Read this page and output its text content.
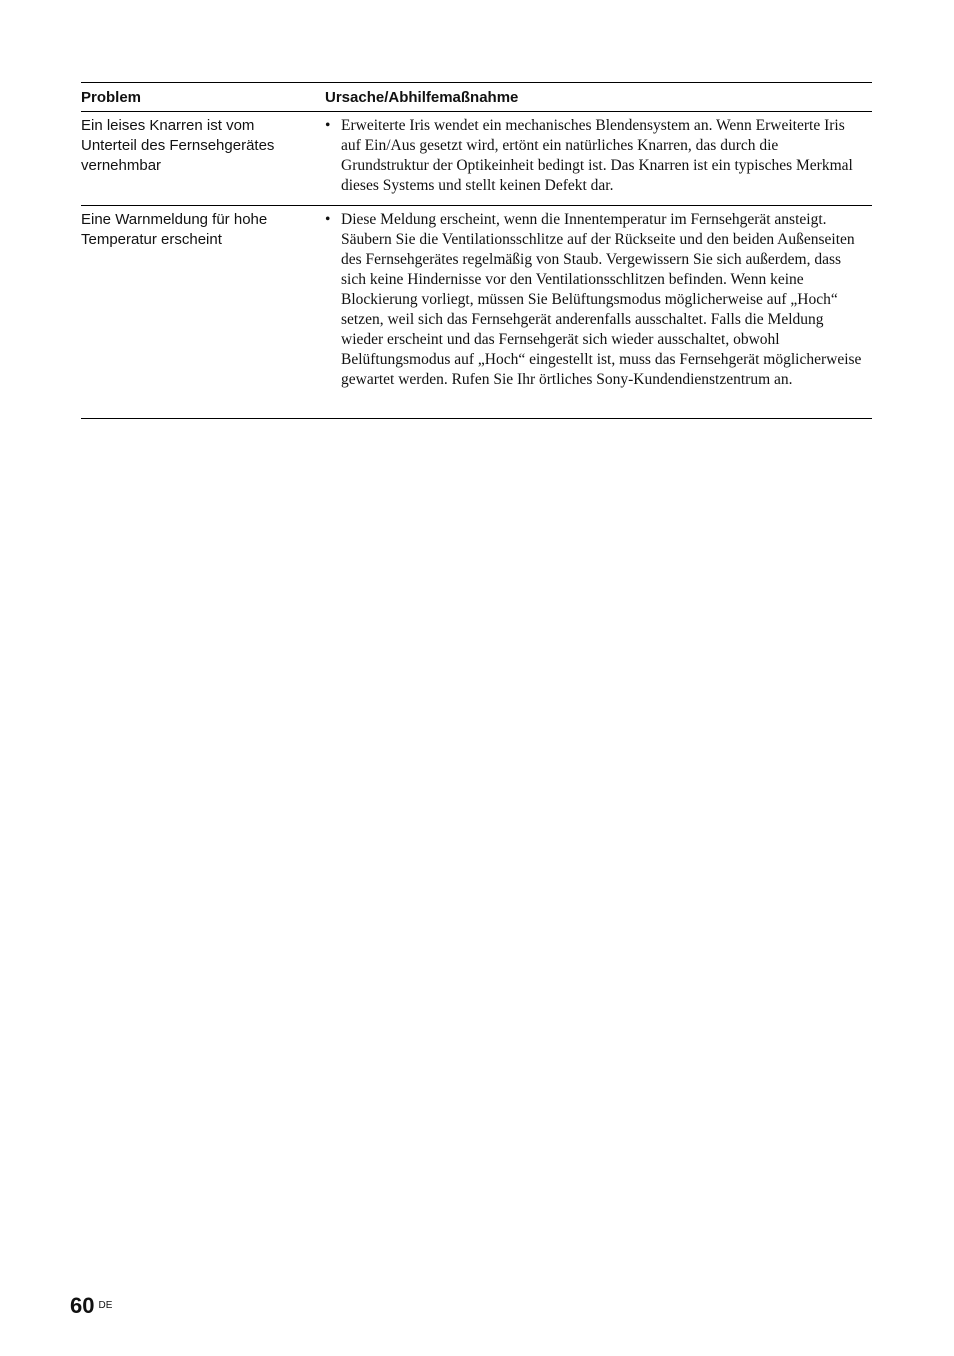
Problem	Ursache/Abhilfemaßnahme
Ein leises Knarren ist vom
Unterteil des Fernsehgerätes
vernehmbar
• Erweiterte Iris wendet ein mechanisches Blendensystem an. Wenn Erweiterte Iris auf Ein/Aus gesetzt wird, ertönt ein natürliches Knarren, das durch die Grundstruktur der Optikeinheit bedingt ist. Das Knarren ist ein typisches Merkmal dieses Systems und stellt keinen Defekt dar.
Eine Warnmeldung für hohe
Temperatur erscheint
• Diese Meldung erscheint, wenn die Innentemperatur im Fernsehgerät ansteigt. Säubern Sie die Ventilationsschlitze auf der Rückseite und den beiden Außenseiten des Fernsehgerätes regelmäßig von Staub. Vergewissern Sie sich außerdem, dass sich keine Hindernisse vor den Ventilationsschlitzen befinden. Wenn keine Blockierung vorliegt, müssen Sie Belüftungsmodus möglicherweise auf „Hoch“ setzen, weil sich das Fernsehgerät anderenfalls ausschaltet. Falls die Meldung wieder erscheint und das Fernsehgerät sich wieder ausschaltet, obwohl Belüftungsmodus auf „Hoch“ eingestellt ist, muss das Fernsehgerät möglicherweise gewartet werden. Rufen Sie Ihr örtliches Sony-Kundendienstzentrum an.
60 DE
